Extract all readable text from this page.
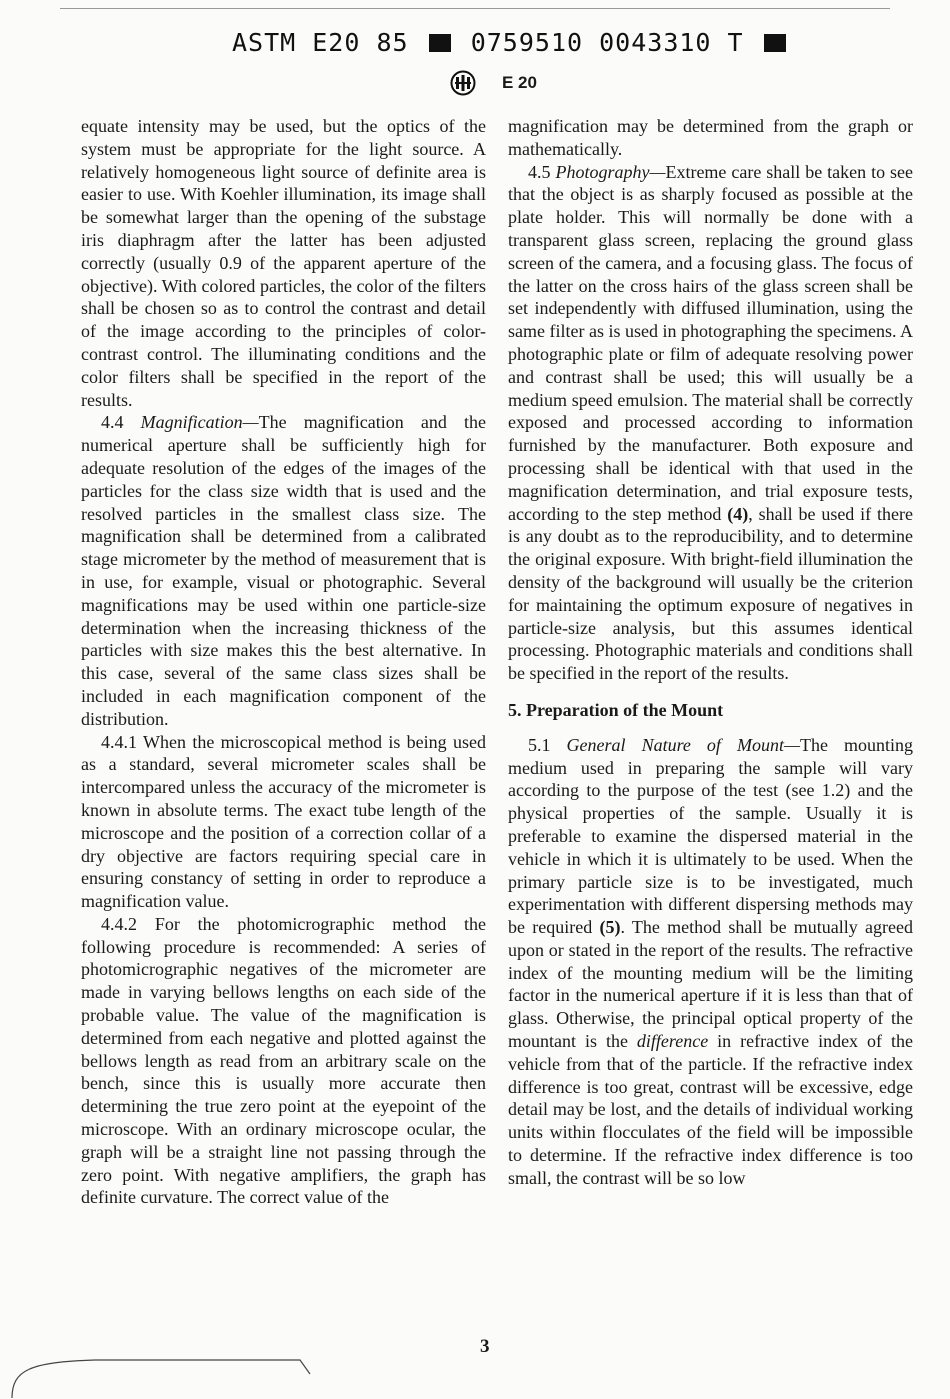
ASTM E20 85 0759510 0043310 T
E 20

equate intensity may be used, but the optics of the system must be appropriate for the light source. A relatively homogeneous light source of definite area is easier to use. With Koehler illumination, its image shall be somewhat larger than the opening of the substage iris diaphragm after the latter has been adjusted correctly (usually 0.9 of the apparent aperture of the objective). With colored particles, the color of the filters shall be chosen so as to control the contrast and detail of the image according to the principles of color-contrast control. The illuminating conditions and the color filters shall be specified in the report of the results.

4.4 Magnification—The magnification and the numerical aperture shall be sufficiently high for adequate resolution of the edges of the images of the particles for the class size width that is used and the resolved particles in the smallest class size. The magnification shall be determined from a calibrated stage micrometer by the method of measurement that is in use, for example, visual or photographic. Several magnifications may be used within one particle-size determination when the increasing thickness of the particles with size makes this the best alternative. In this case, several of the same class sizes shall be included in each magnification component of the distribution.

4.4.1 When the microscopical method is being used as a standard, several micrometer scales shall be intercompared unless the accuracy of the micrometer is known in absolute terms. The exact tube length of the microscope and the position of a correction collar of a dry objective are factors requiring special care in ensuring constancy of setting in order to reproduce a magnification value.

4.4.2 For the photomicrographic method the following procedure is recommended: A series of photomicrographic negatives of the micrometer are made in varying bellows lengths on each side of the probable value. The value of the magnification is determined from each negative and plotted against the bellows length as read from an arbitrary scale on the bench, since this is usually more accurate then determining the true zero point at the eyepoint of the microscope. With an ordinary microscope ocular, the graph will be a straight line not passing through the zero point. With negative amplifiers, the graph has definite curvature. The correct value of the

magnification may be determined from the graph or mathematically.

4.5 Photography—Extreme care shall be taken to see that the object is as sharply focused as possible at the plate holder. This will normally be done with a transparent glass screen, replacing the ground glass screen of the camera, and a focusing glass. The focus of the latter on the cross hairs of the glass screen shall be set independently with diffused illumination, using the same filter as is used in photographing the specimens. A photographic plate or film of adequate resolving power and contrast shall be used; this will usually be a medium speed emulsion. The material shall be correctly exposed and processed according to information furnished by the manufacturer. Both exposure and processing shall be identical with that used in the magnification determination, and trial exposure tests, according to the step method (4), shall be used if there is any doubt as to the reproducibility, and to determine the original exposure. With bright-field illumination the density of the background will usually be the criterion for maintaining the optimum exposure of negatives in particle-size analysis, but this assumes identical processing. Photographic materials and conditions shall be specified in the report of the results.

5. Preparation of the Mount

5.1 General Nature of Mount—The mounting medium used in preparing the sample will vary according to the purpose of the test (see 1.2) and the physical properties of the sample. Usually it is preferable to examine the dispersed material in the vehicle in which it is ultimately to be used. When the primary particle size is to be investigated, much experimentation with different dispersing methods may be required (5). The method shall be mutually agreed upon or stated in the report of the results. The refractive index of the mounting medium will be the limiting factor in the numerical aperture if it is less than that of glass. Otherwise, the principal optical property of the mountant is the difference in refractive index of the vehicle from that of the particle. If the refractive index difference is too great, contrast will be excessive, edge detail may be lost, and the details of individual working units within flocculates of the field will be impossible to determine. If the refractive index difference is too small, the contrast will be so low

3
